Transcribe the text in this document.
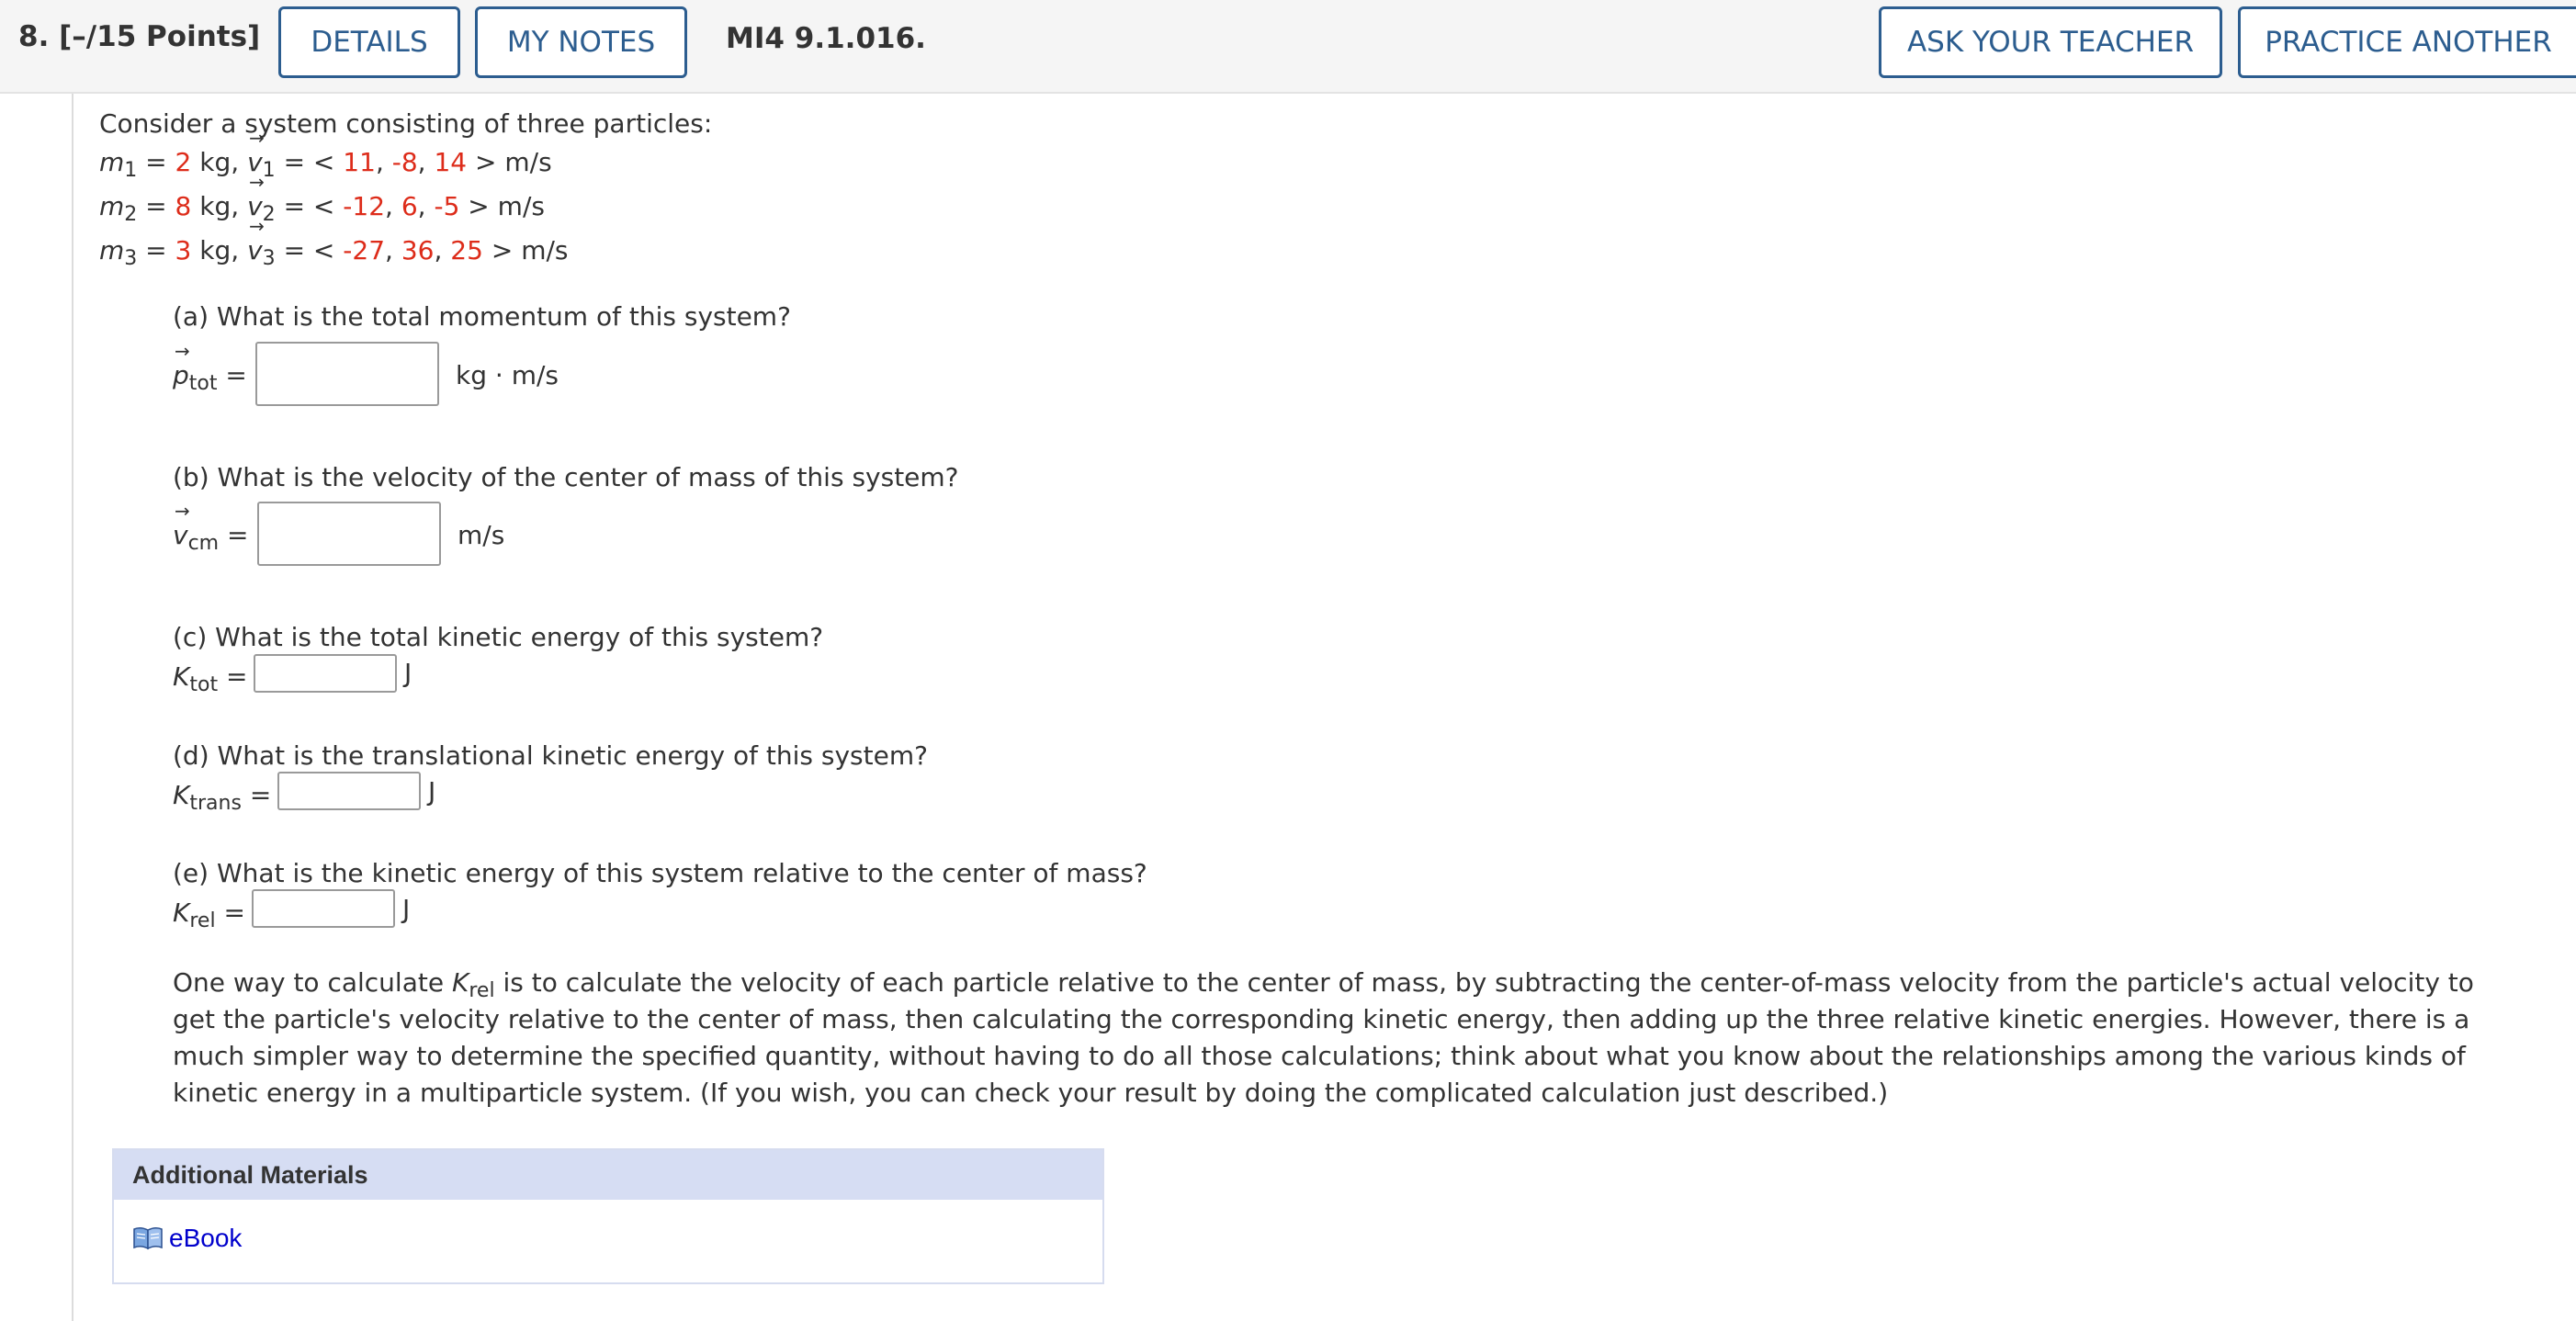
8. [–/15 Points]	DETAILS	MY NOTES	MI4 9.1.016.	ASK YOUR TEACHER	PRACTICE ANOTHER
Consider a system consisting of three particles:
$m_1 = 2$ kg, → $v_1$ = < 11, -8, 14 > m/s
$m_2 = 8$ kg, → $v_2$ = < -12, 6, -5 > m/s
$m_3 = 3$ kg, → $v_3$ = < -27, 36, 25 > m/s
(a) What is the total momentum of this system?
→ $p_{tot}$ =	kg · m/s
(b) What is the velocity of the center of mass of this system?
→ $v_{cm}$ =	m/s
(c) What is the total kinetic energy of this system?
$K_{tot}$ =	J
(d) What is the translational kinetic energy of this system?
$K_{trans}$ =	J
(e) What is the kinetic energy of this system relative to the center of mass?
$K_{rel}$ =	J
One way to calculate $K_{rel}$ is to calculate the velocity of each particle relative to the center of mass, by subtracting the center-of-mass velocity from the particle's actual velocity to get the particle's velocity relative to the center of mass, then calculating the corresponding kinetic energy, then adding up the three relative kinetic energies. However, there is a much simpler way to determine the specified quantity, without having to do all those calculations; think about what you know about the relationships among the various kinds of kinetic energy in a multiparticle system. (If you wish, you can check your result by doing the complicated calculation just described.)
Additional Materials
eBook
